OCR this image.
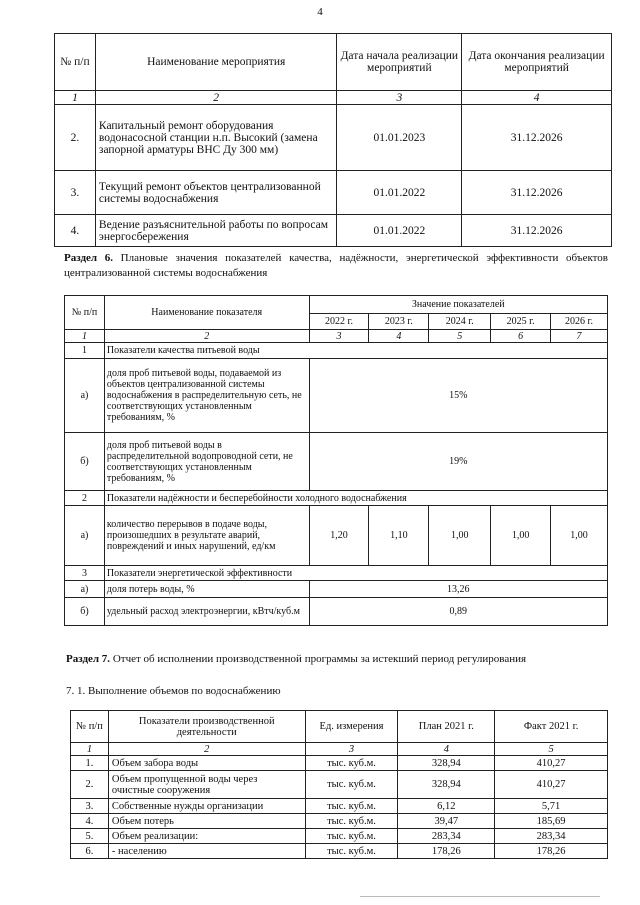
4
№ п/п	Наименование мероприятия	Дата начала реализации мероприятий	Дата окончания реализации мероприятий
1	2	3	4
2.	Капитальный ремонт оборудования водонасосной станции н.п. Высокий (замена запорной арматуры ВНС Ду 300 мм)	01.01.2023	31.12.2026
3.	Текущий ремонт объектов централизованной системы водоснабжения	01.01.2022	31.12.2026
4.	Ведение разъяснительной работы по вопросам энергосбережения	01.01.2022	31.12.2026
Раздел 6. Плановые значения показателей качества, надёжности, энергетической эффективности объектов централизованной системы водоснабжения
№ п/п	Наименование показателя	Значение показателей				
		2022 г.	2023 г.	2024 г.	2025 г.	2026 г.
1	2	3	4	5	6	7
1	Показатели качества питьевой воды					
а)	доля проб питьевой воды, подаваемой из объектов централизованной системы водоснабжения в распределительную сеть, не соответствующих установленным требованиям, %	15%				
б)	доля проб питьевой воды в распределительной водопроводной сети, не соответствующих установленным требованиям, %	19%				
2	Показатели надёжности и бесперебойности холодного водоснабжения					
а)	количество перерывов в подаче воды, произошедших в результате аварий, повреждений и иных нарушений, ед/км	1,20	1,10	1,00	1,00	1,00
3	Показатели энергетической эффективности					
а)	доля потерь воды, %	13,26				
б)	удельный расход электроэнергии, кВтч/куб.м	0,89				
Раздел 7. Отчет об исполнении производственной программы за истекший период регулирования
7. 1. Выполнение объемов по водоснабжению
№ п/п	Показатели производственной деятельности	Ед. измерения	План 2021 г.	Факт 2021 г.
1	2	3	4	5
1.	Объем забора воды	тыс. куб.м.	328,94	410,27
2.	Объем пропущенной воды через очистные сооружения	тыс. куб.м.	328,94	410,27
3.	Собственные нужды организации	тыс. куб.м.	6,12	5,71
4.	Объем потерь	тыс. куб.м.	39,47	185,69
5.	Объем реализации:	тыс. куб.м.	283,34	283,34
6.	- населению	тыс. куб.м.	178,26	178,26
